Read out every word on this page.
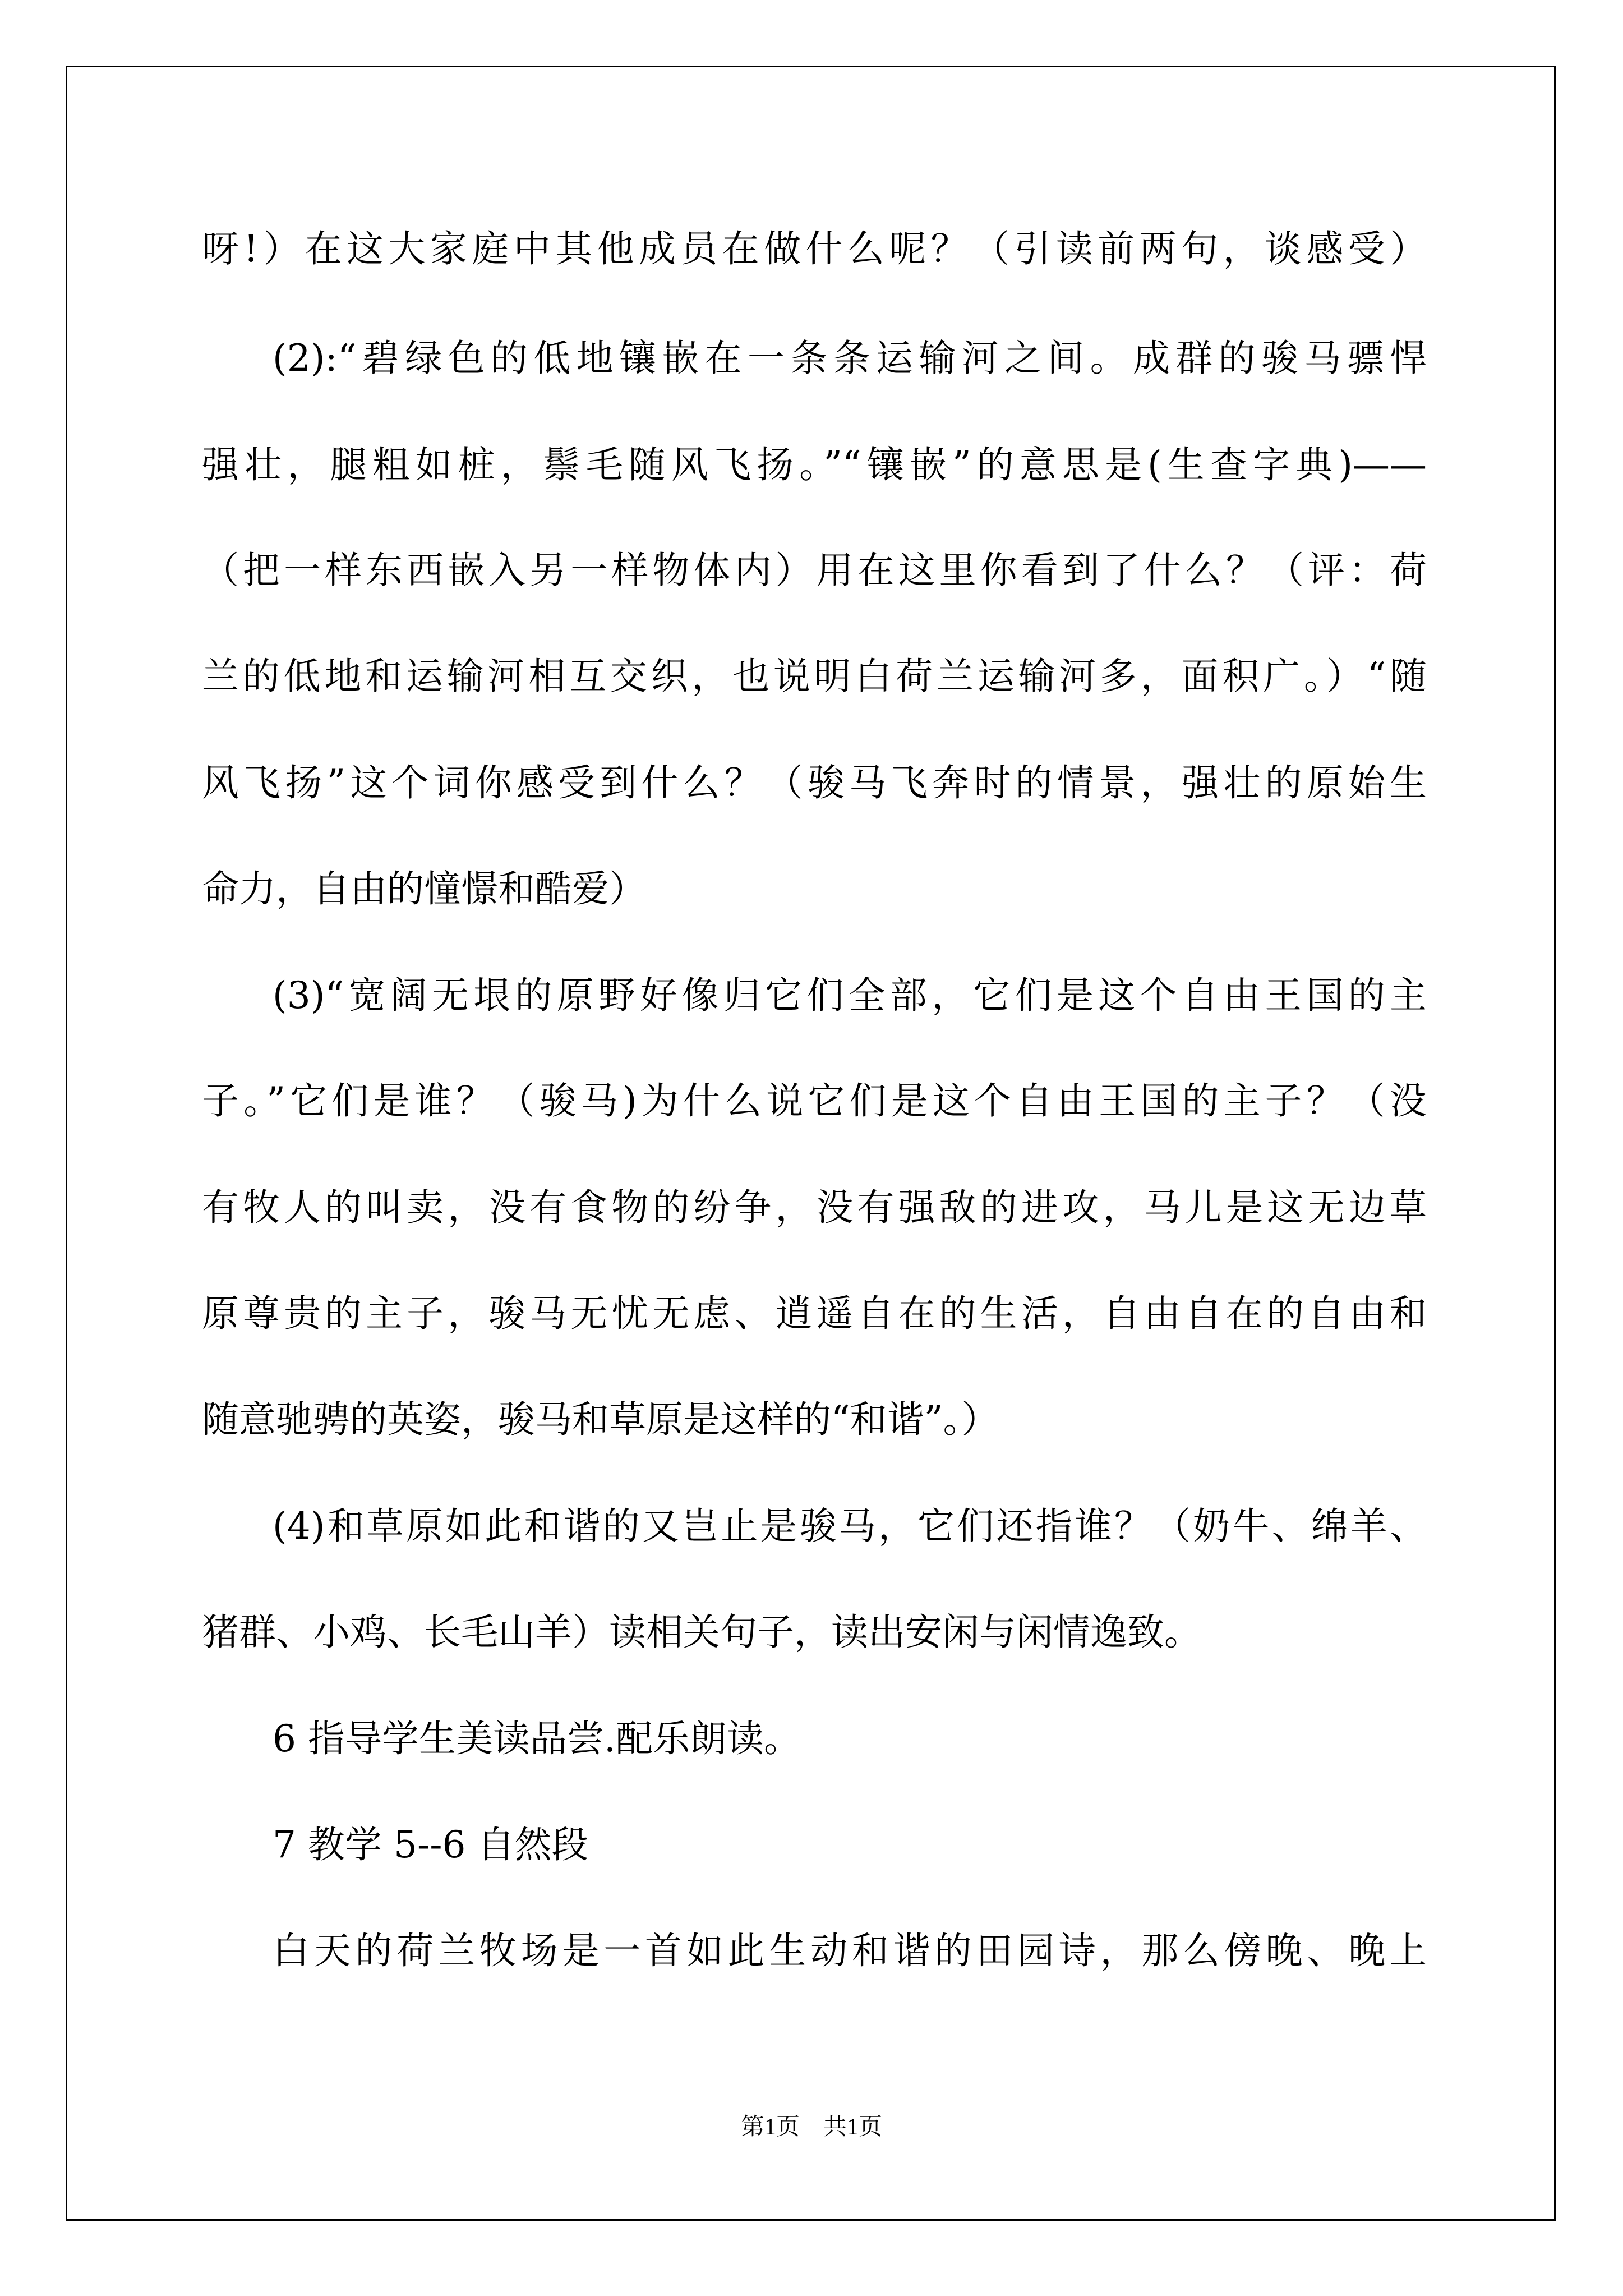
呀!）在这大家庭中其他成员在做什么呢？（引读前两句，谈感受）
(2):“碧绿色的低地镶嵌在一条条运输河之间。成群的骏马骠悍
强壮，腿粗如桩，鬃毛随风飞扬。”“镶嵌”的意思是(生查字典)——
（把一样东西嵌入另一样物体内）用在这里你看到了什么？（评：荷
兰的低地和运输河相互交织，也说明白荷兰运输河多，面积广。）“随
风飞扬”这个词你感受到什么？（骏马飞奔时的情景，强壮的原始生
命力，自由的憧憬和酷爱）
(3)“宽阔无垠的原野好像归它们全部，它们是这个自由王国的主
子。”它们是谁？（骏马)为什么说它们是这个自由王国的主子？（没
有牧人的叫卖，没有食物的纷争，没有强敌的进攻，马儿是这无边草
原尊贵的主子，骏马无忧无虑、逍遥自在的生活，自由自在的自由和
随意驰骋的英姿，骏马和草原是这样的“和谐”。）
(4)和草原如此和谐的又岂止是骏马，它们还指谁？（奶牛、绵羊、
猪群、小鸡、长毛山羊）读相关句子，读出安闲与闲情逸致。
6 指导学生美读品尝.配乐朗读。
7 教学 5--6 自然段
白天的荷兰牧场是一首如此生动和谐的田园诗，那么傍晚、晚上
第1页　共1页
